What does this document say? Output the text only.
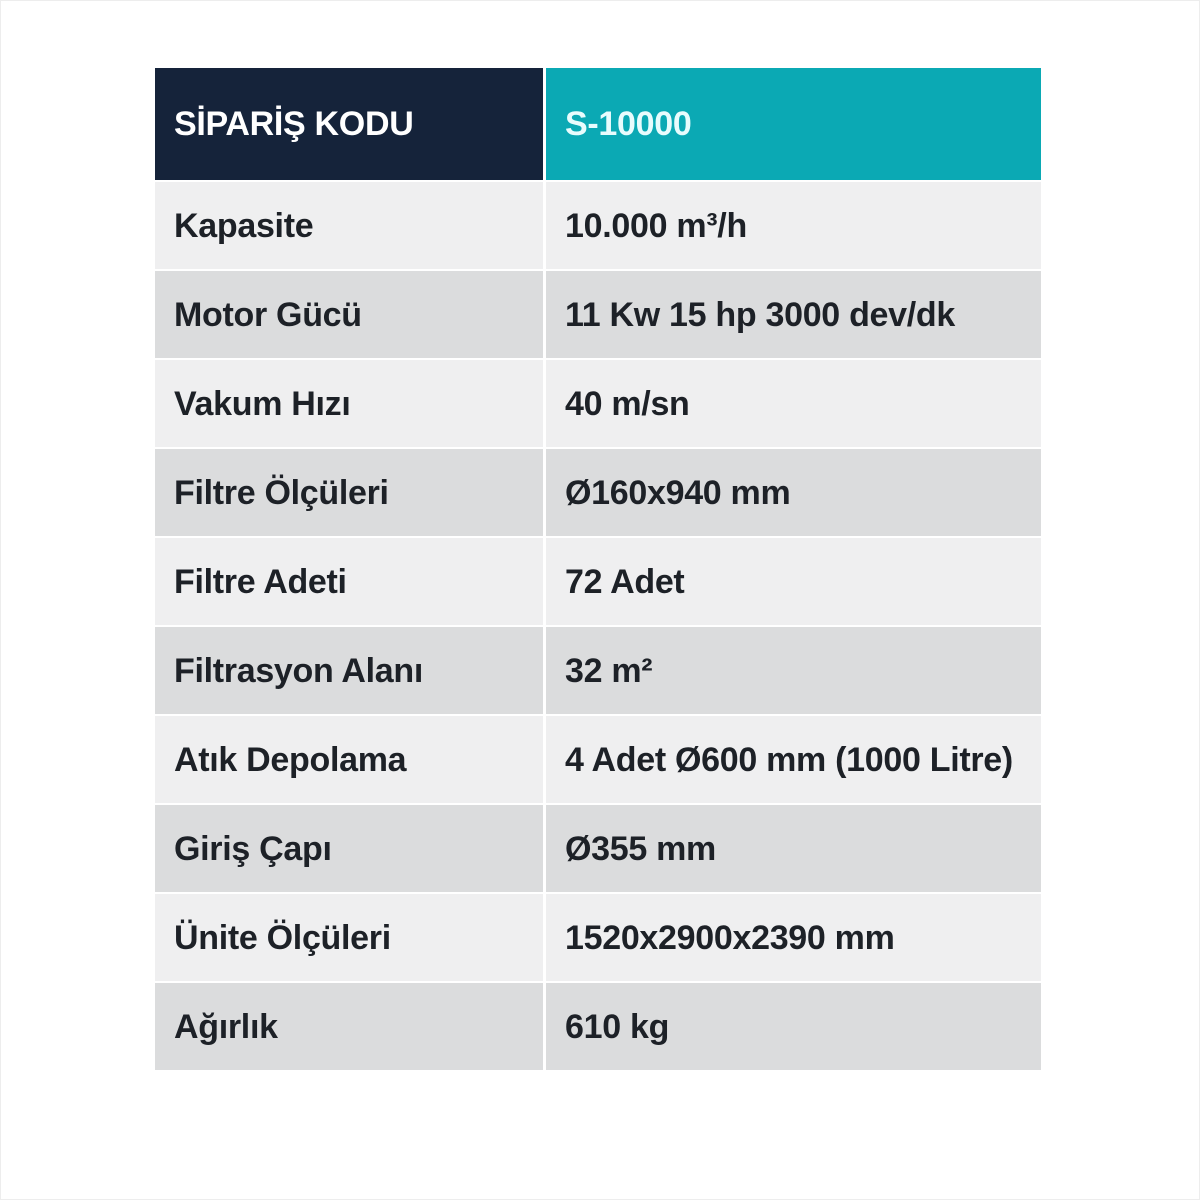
SİPARİŞ KODU	S-10000
Kapasite	10.000 m³/h
Motor Gücü	11 Kw 15 hp 3000 dev/dk
Vakum Hızı	40 m/sn
Filtre Ölçüleri	Ø160x940 mm
Filtre Adeti	72 Adet
Filtrasyon Alanı	32 m²
Atık Depolama	4 Adet Ø600 mm (1000 Litre)
Giriş Çapı	Ø355 mm
Ünite Ölçüleri	1520x2900x2390 mm
Ağırlık	610 kg
